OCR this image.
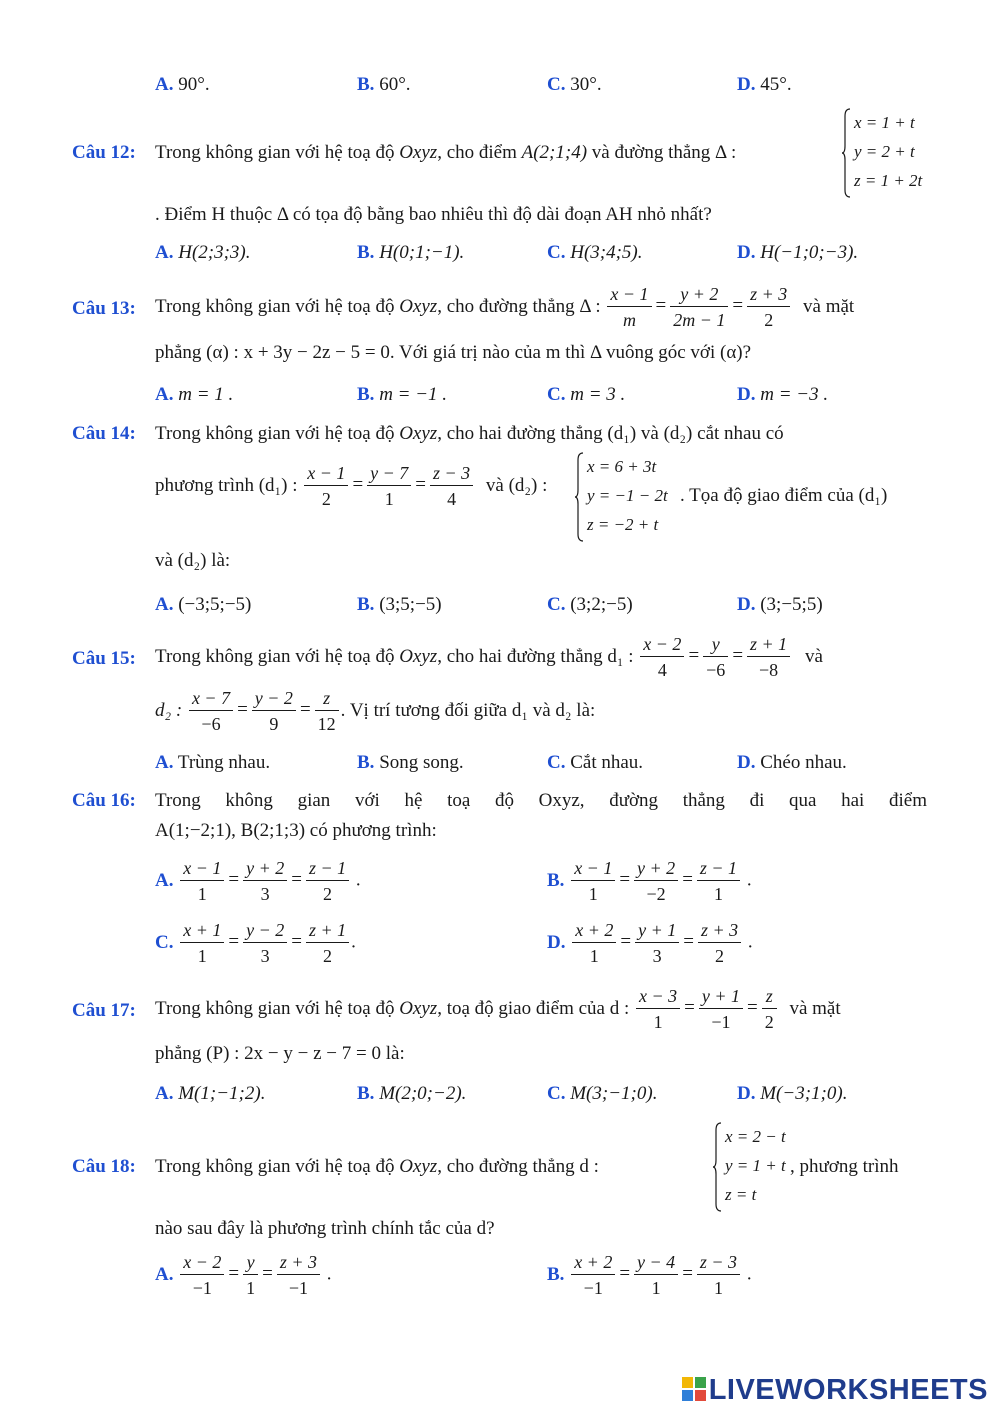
A. 90°.	B. 60°.	C. 30°.	D. 45°.
Câu 12: Trong không gian với hệ toạ độ Oxyz, cho điểm A(2;1;4) và đường thẳng Δ :
x = 1 + t
y = 2 + t
z = 1 + 2t
. Điểm H thuộc Δ có tọa độ bằng bao nhiêu thì độ dài đoạn AH nhỏ nhất?
A. H(2;3;3).	B. H(0;1;−1).	C. H(3;4;5).	D. H(−1;0;−3).
Câu 13: Trong không gian với hệ toạ độ Oxyz, cho đường thẳng Δ : $\frac{x - 1}{m} = \frac{y + 2}{2m - 1} = \frac{z + 3}{2}$ và mặt
phẳng (α) : x + 3y − 2z − 5 = 0. Với giá trị nào của m thì Δ vuông góc với (α)?
A. m = 1 .	B. m = −1 .	C. m = 3 .	D. m = −3 .
Câu 14: Trong không gian với hệ toạ độ Oxyz, cho hai đường thẳng (d₁) và (d₂) cắt nhau có
phương trình (d₁) : $\frac{x - 1}{2} = \frac{y - 7}{1} = \frac{z - 3}{4}$ và (d₂) :
x = 6 + 3t
y = −1 − 2t
z = −2 + t
. Tọa độ giao điểm của (d₁)
và (d₂) là:
A. (−3;5;−5)	B. (3;5;−5)	C. (3;2;−5)	D. (3;−5;5)
Câu 15: Trong không gian với hệ toạ độ Oxyz, cho hai đường thẳng d₁ : $\frac{x - 2}{4} = \frac{y}{-6} = \frac{z + 1}{-8}$ và
d₂ : $\frac{x - 7}{-6} = \frac{y - 2}{9} = \frac{z}{12}$ . Vị trí tương đối giữa d₁ và d₂ là:
A. Trùng nhau.	B. Song song.	C. Cắt nhau.	D. Chéo nhau.
Câu 16: Trong không gian với hệ toạ độ Oxyz, đường thẳng đi qua hai điểm
A(1;−2;1), B(2;1;3) có phương trình:
A. $\frac{x - 1}{1} = \frac{y + 2}{3} = \frac{z - 1}{2}$ .	B. $\frac{x - 1}{1} = \frac{y + 2}{-2} = \frac{z - 1}{1}$ .
C. $\frac{x + 1}{1} = \frac{y - 2}{3} = \frac{z + 1}{2}$ .	D. $\frac{x + 2}{1} = \frac{y + 1}{3} = \frac{z + 3}{2}$ .
Câu 17: Trong không gian với hệ toạ độ Oxyz, toạ độ giao điểm của d : $\frac{x - 3}{1} = \frac{y + 1}{-1} = \frac{z}{2}$ và mặt
phẳng (P) : 2x − y − z − 7 = 0 là:
A. M(1;−1;2).	B. M(2;0;−2).	C. M(3;−1;0).	D. M(−3;1;0).
Câu 18: Trong không gian với hệ toạ độ Oxyz, cho đường thẳng d :
x = 2 − t
y = 1 + t
z = t
, phương trình
nào sau đây là phương trình chính tắc của d?
A. $\frac{x - 2}{-1} = \frac{y}{1} = \frac{z + 3}{-1}$ .	B. $\frac{x + 2}{-1} = \frac{y - 4}{1} = \frac{z - 3}{1}$ .
LIVEWORKSHEETS
